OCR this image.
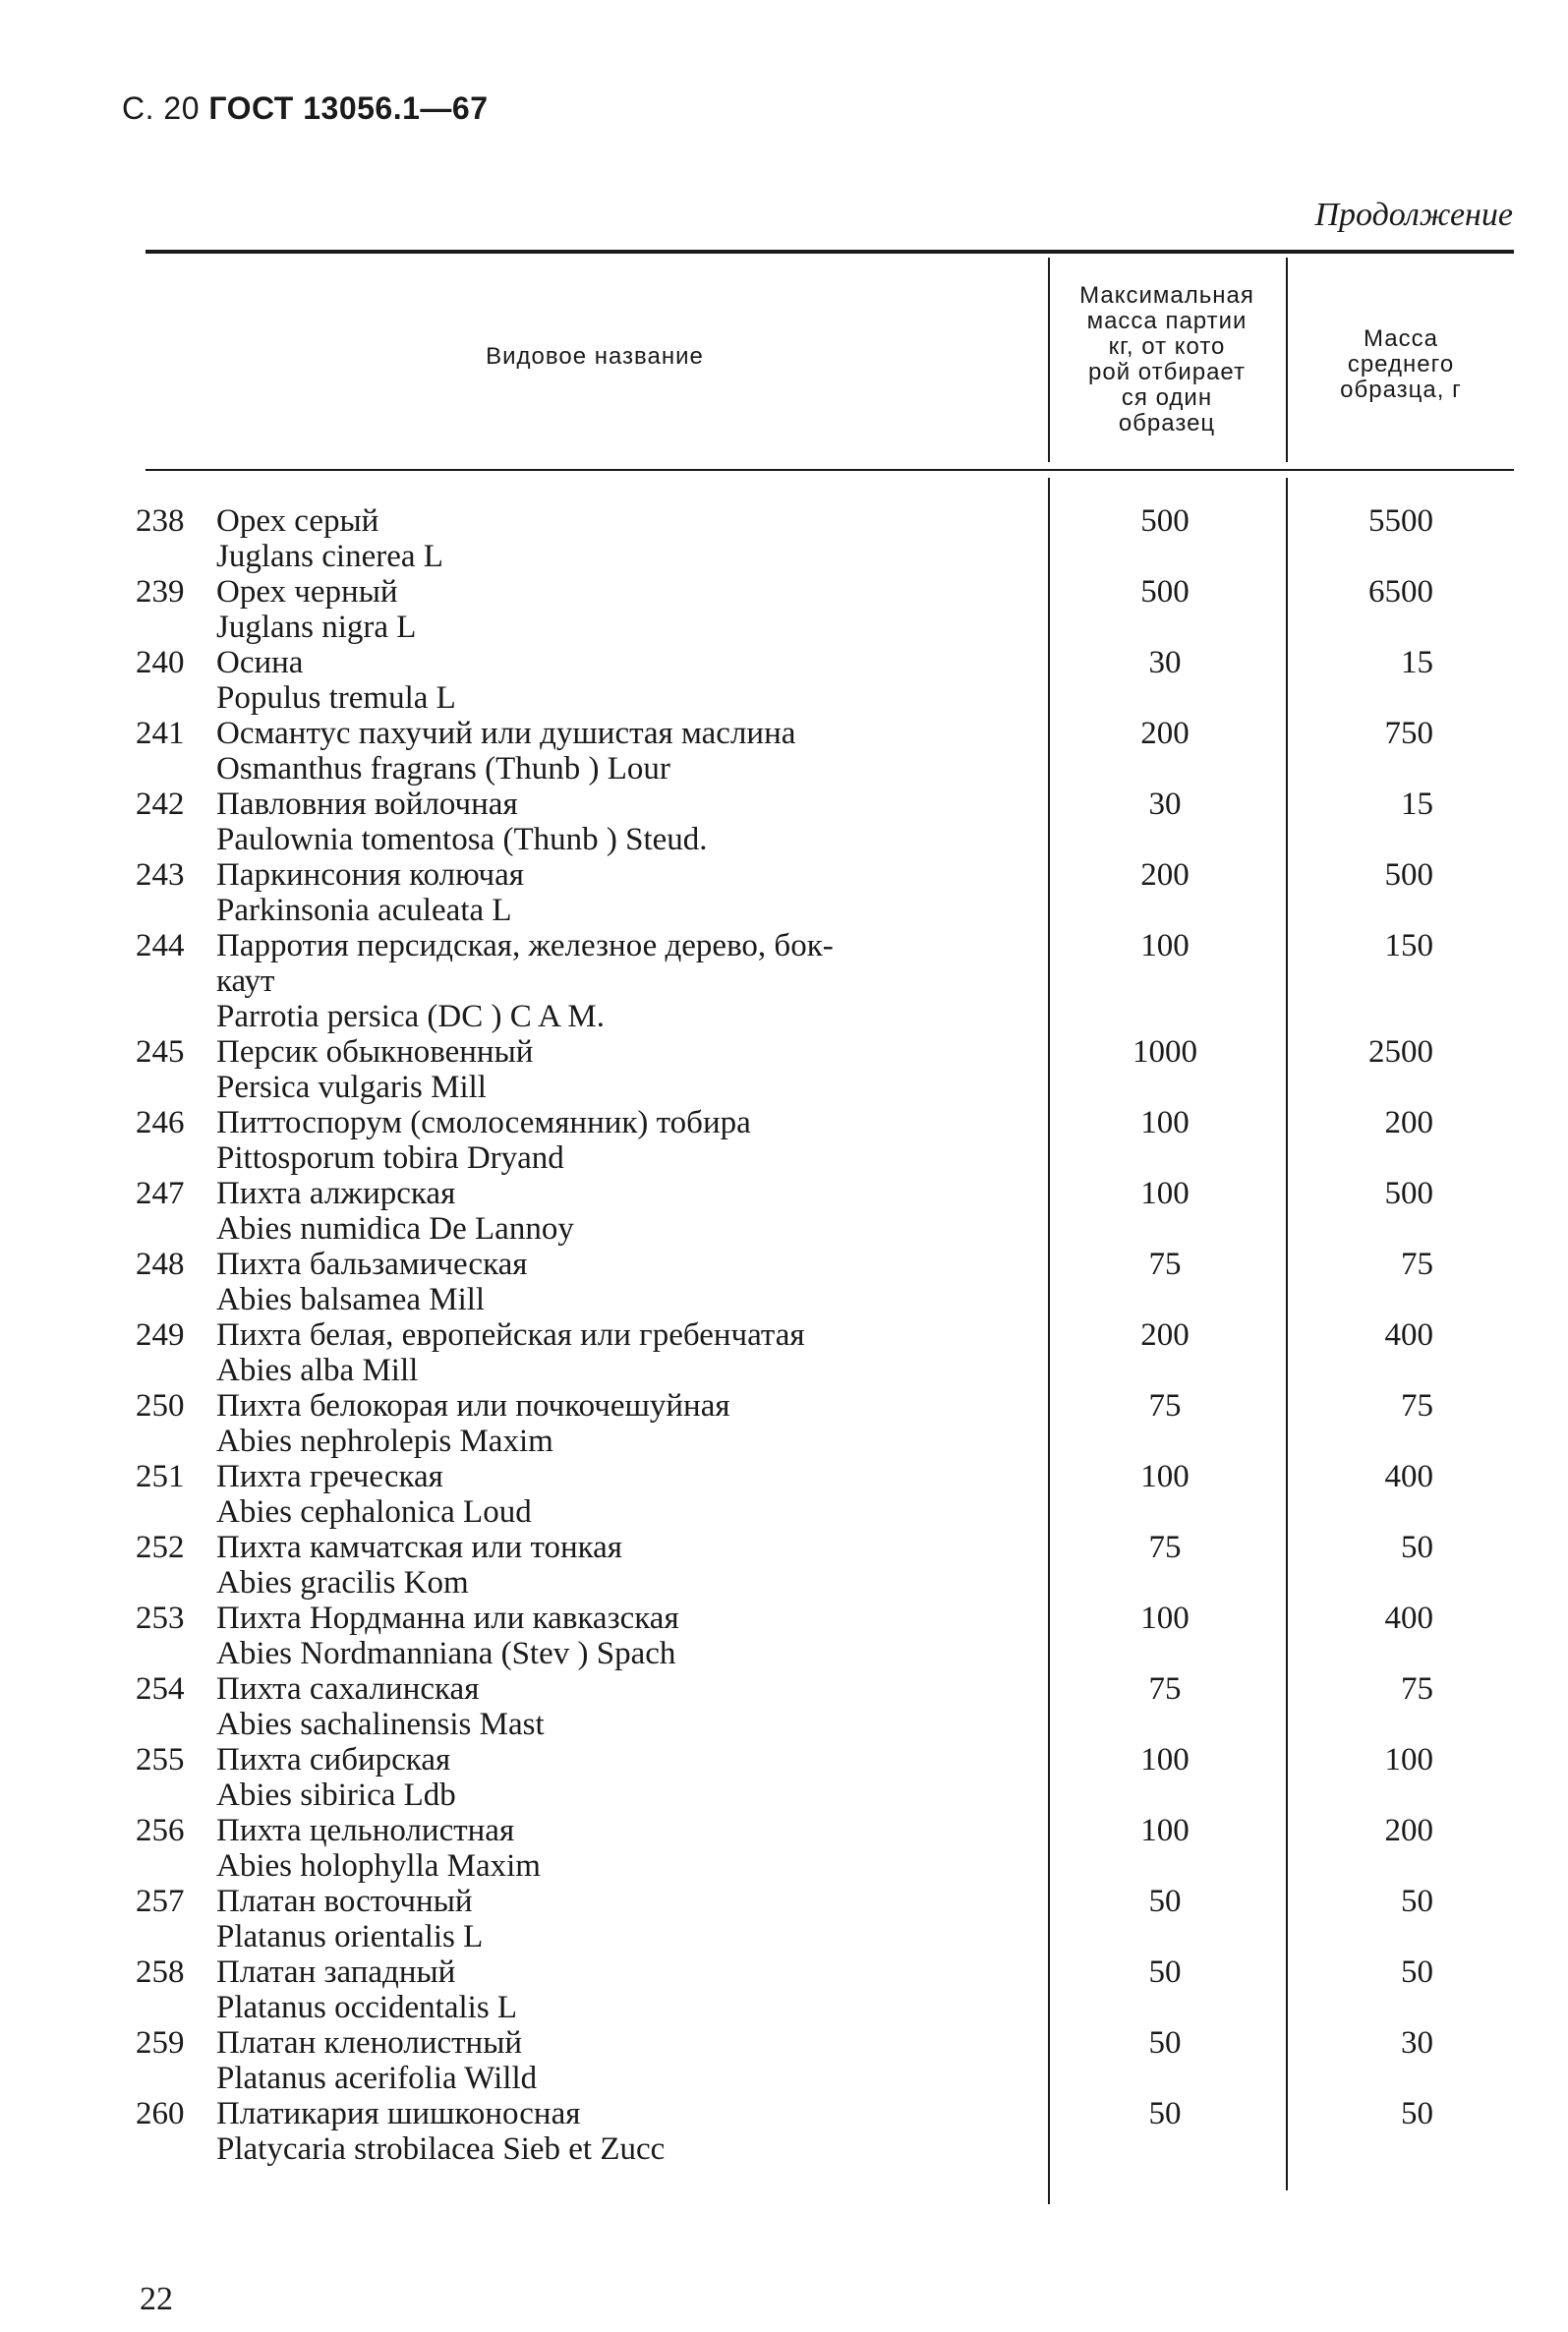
С. 20 ГОСТ 13056.1—67
Продолжение
Видовое название
Максимальная
масса партии
кг, от кото
рой отбирает
ся один
образец
Масса
среднего
образца, г
238 Орех серый
Juglans cinerea L
500	5500
239 Орех черный
Juglans nigra L
500	6500
240 Осина
Populus tremula L
30	15
241 Османтус пахучий или душистая маслина
Osmanthus fragrans (Thunb ) Lour
200	750
242 Павловния войлочная
Paulownia tomentosa (Thunb ) Steud.
30	15
243 Паркинсония колючая
Parkinsonia aculeata L
200	500
244 Парротия персидская, железное дерево, бок-
каут
Parrotia persica (DC ) C A M.
100	150
245 Персик обыкновенный
Persica vulgaris Mill
1000	2500
246 Питтоспорум (смолосемянник) тобира
Pittosporum tobira Dryand
100	200
247 Пихта алжирская
Abies numidica De Lannoy
100	500
248 Пихта бальзамическая
Abies balsamea Mill
75	75
249 Пихта белая, европейская или гребенчатая
Abies alba Mill
200	400
250 Пихта белокорая или почкочешуйная
Abies nephrolepis Maxim
75	75
251 Пихта греческая
Abies cephalonica Loud
100	400
252 Пихта камчатская или тонкая
Abies gracilis Kom
75	50
253 Пихта Нордманна или кавказская
Abies Nordmanniana (Stev ) Spach
100	400
254 Пихта сахалинская
Abies sachalinensis Mast
75	75
255 Пихта сибирская
Abies sibirica Ldb
100	100
256 Пихта цельнолистная
Abies holophylla Maxim
100	200
257 Платан восточный
Platanus orientalis L
50	50
258 Платан западный
Platanus occidentalis L
50	50
259 Платан кленолистный
Platanus acerifolia Willd
50	30
260 Платикария шишконосная
Platycaria strobilacea Sieb et Zucc
50	50
22
